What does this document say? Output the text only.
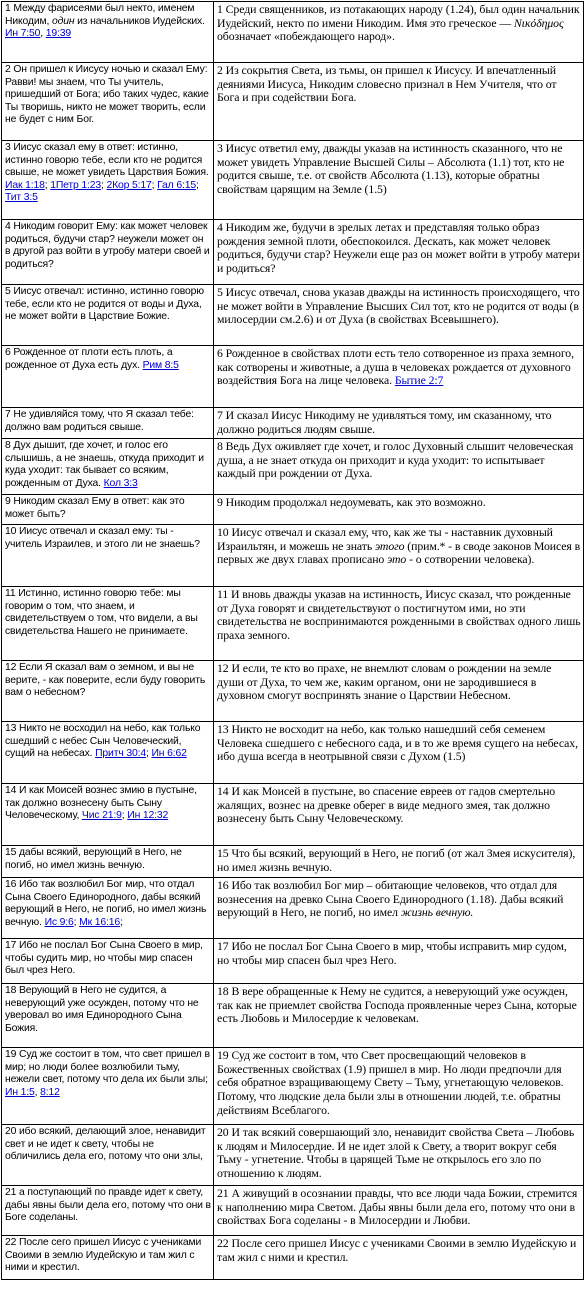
1 Между фарисеями был некто, именем Никодим, один из начальников Иудейских. Ин 7:50, 19:39	1 Среди священников, из потакающих народу (1.24), был один начальник Иудейский, некто по имени Никодим. Имя это греческое — Νικόδημος обозначает «побеждающего народ».
2 Он пришел к Иисусу ночью и сказал Ему: Равви! мы знаем, что Ты учитель, пришедший от Бога; ибо таких чудес, какие Ты творишь, никто не может творить, если не будет с ним Бог.	2 Из сокрытия Света, из тьмы, он пришел к Иисусу. И впечатленный деяниями Иисуса, Никодим словесно признал в Нем Учителя, что от Бога и при содействии Бога.
3 Иисус сказал ему в ответ: истинно, истинно говорю тебе, если кто не родится свыше, не может увидеть Царствия Божия. Иак 1:18; 1Петр 1:23; 2Кор 5:17; Гал 6:15; Тит 3:5	3 Иисус ответил ему, дважды указав на истинность сказанного, что не может увидеть Управление Высшей Силы – Абсолюта (1.1) тот, кто не родится свыше, т.е. от свойств Абсолюта (1.13), которые обратны свойствам царящим на Земле (1.5)
4 Никодим говорит Ему: как может человек родиться, будучи стар? неужели может он в другой раз войти в утробу матери своей и родиться?	4 Никодим же, будучи в зрелых летах и представляя только образ рождения земной плоти, обеспокоился. Дескать, как может человек родиться, будучи стар? Неужели еще раз он может войти в утробу матери и родиться?
5 Иисус отвечал: истинно, истинно говорю тебе, если кто не родится от воды и Духа, не может войти в Царствие Божие.	5 Иисус отвечал, снова указав дважды на истинность происходящего, что не может войти в Управление Высших Сил тот, кто не родится от воды (в милосердии см.2.6) и от Духа (в свойствах Всевышнего).
6 Рожденное от плоти есть плоть, а рожденное от Духа есть дух. Рим 8:5	6 Рожденное в свойствах плоти есть тело сотворенное из праха земного, как сотворены и животные, а душа в человеках рождается от духовного воздействия Бога на лице человека. Бытие 2:7
7 Не удивляйся тому, что Я сказал тебе: должно вам родиться свыше.	7 И сказал Иисус Никодиму не удивляться тому, им сказанному, что должно родиться людям свыше.
8 Дух дышит, где хочет, и голос его слышишь, а не знаешь, откуда приходит и куда уходит: так бывает со всяким, рожденным от Духа. Кол 3:3	8 Ведь Дух оживляет где хочет, и голос Духовный слышит человеческая душа, а не знает откуда он приходит и куда уходит: то испытывает каждый при рождении от Духа.
9 Никодим сказал Ему в ответ: как это может быть?	9 Никодим продолжал недоумевать, как это возможно.
10 Иисус отвечал и сказал ему: ты - учитель Израилев, и этого ли не знаешь?	10 Иисус отвечал и сказал ему, что, как же ты - наставник духовный Израильтян, и можешь не знать этого (прим.* - в своде законов Моисея в первых же двух главах прописано это - о сотворении человека).
11 Истинно, истинно говорю тебе: мы говорим о том, что знаем, и свидетельствуем о том, что видели, а вы свидетельства Нашего не принимаете.	11 И вновь дважды указав на истинность, Иисус сказал, что рожденные от Духа говорят и свидетельствуют о постигнутом ими, но эти свидетельства не воспринимаются рожденными в свойствах одного лишь праха земного.
12 Если Я сказал вам о земном, и вы не верите, - как поверите, если буду говорить вам о небесном?	12 И если, те кто во прахе, не внемлют словам о рождении на земле души от Духа, то чем же, каким органом, они не зародившиеся в духовном смогут воспринять знание о Царствии Небесном.
13 Никто не восходил на небо, как только сшедший с небес Сын Человеческий, сущий на небесах. Притч 30:4; Ин 6:62	13 Никто не восходит на небо, как только нашедший себя семенем Человека сшедшего с небесного сада, и в то же время сущего на небесах, ибо душа всегда в неотрывной связи с Духом (1.5)
14 И как Моисей вознес змию в пустыне, так должно вознесену быть Сыну Человеческому, Чис 21:9; Ин 12:32	14 И как Моисей в пустыне, во спасение евреев от гадов смертельно жалящих, вознес на древке оберег в виде медного змея, так должно вознесену быть Сыну Человеческому.
15 дабы всякий, верующий в Него, не погиб, но имел жизнь вечную.	15 Что бы всякий, верующий в Него, не погиб (от жал Змея искусителя), но имел жизнь вечную.
16 Ибо так возлюбил Бог мир, что отдал Сына Своего Единородного, дабы всякий верующий в Него, не погиб, но имел жизнь вечную. Ис 9:6; Мк 16:16;	16 Ибо так возлюбил Бог мир – обитающие человеков, что отдал для вознесения на древко Сына Своего Единородного (1.18). Дабы всякий верующий в Него, не погиб, но имел жизнь вечную.
17 Ибо не послал Бог Сына Своего в мир, чтобы судить мир, но чтобы мир спасен был чрез Него.	17 Ибо не послал Бог Сына Своего в мир, чтобы исправить мир судом, но чтобы мир спасен был чрез Него.
18 Верующий в Него не судится, а неверующий уже осужден, потому что не уверовал во имя Единородного Сына Божия.	18 В вере обращенные к Нему не судится, а неверующий уже осужден, так как не приемлет свойства Господа проявленные через Сына, которые есть Любовь и Милосердие к человекам.
19 Суд же состоит в том, что свет пришел в мир; но люди более возлюбили тьму, нежели свет, потому что дела их были злы; Ин 1:5, 8:12	19 Суд же состоит в том, что Свет просвещающий человеков в Божественных свойствах (1.9) пришел в мир. Но люди предпочли для себя обратное взращивающему Свету – Тьму, угнетающую человеков. Потому, что людские дела были злы в отношении людей, т.е. обратны действиям Всеблагого.
20 ибо всякий, делающий злое, ненавидит свет и не идет к свету, чтобы не обличились дела его, потому что они злы,	20 И так всякий совершающий зло, ненавидит свойства Света – Любовь к людям и Милосердие. И не идет злой к Свету, а творит вокруг себя Тьму - угнетение. Чтобы в царящей Тьме не открылось его зло по отношению к людям.
21 а поступающий по правде идет к свету, дабы явны были дела его, потому что они в Боге соделаны.	21 А живущий в осознании правды, что все люди чада Божии, стремится к наполнению мира Светом. Дабы явны были дела его, потому что они в свойствах Бога соделаны - в Милосердии и Любви.
22 После сего пришел Иисус с учениками Своими в землю Иудейскую и там жил с ними и крестил.	22 После сего пришел Иисус с учениками Своими в землю Иудейскую и там жил с ними и крестил.
